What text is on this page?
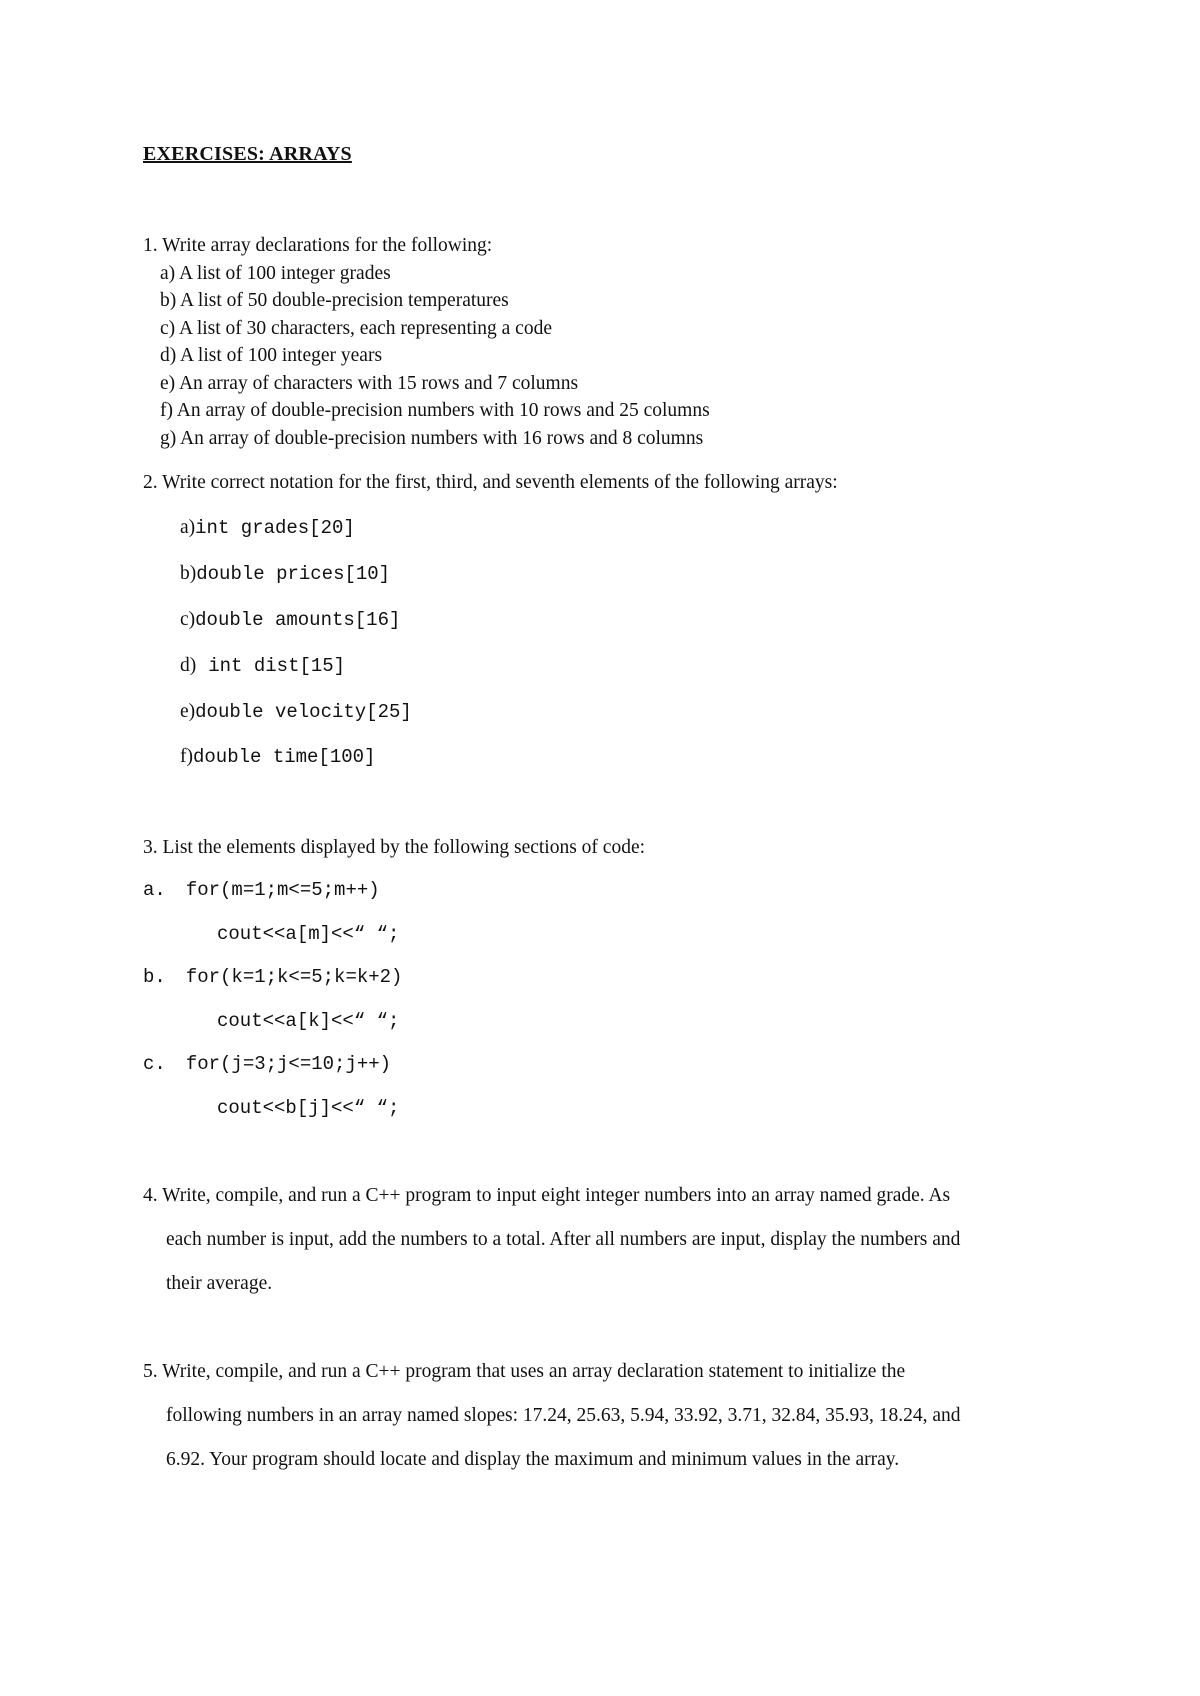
EXERCISES: ARRAYS
1. Write array declarations for the following:
a) A list of 100 integer grades
b) A list of 50 double-precision temperatures
c) A list of 30 characters, each representing a code
d) A list of 100 integer years
e) An array of characters with 15 rows and 7 columns
f) An array of double-precision numbers with 10 rows and 25 columns
g) An array of double-precision numbers with 16 rows and 8 columns
2. Write correct notation for the first, third, and seventh elements of the following arrays:
a)int grades[20]
b)double prices[10]
c)double amounts[16]
d) int dist[15]
e)double velocity[25]
f)double time[100]
3. List the elements displayed by the following sections of code:
a. for(m=1;m<=5;m++)
cout<<a[m]<<“ “;
b. for(k=1;k<=5;k=k+2)
cout<<a[k]<<“ “;
c. for(j=3;j<=10;j++)
cout<<b[j]<<“ “;
4. Write, compile, and run a C++ program to input eight integer numbers into an array named grade. As
each number is input, add the numbers to a total. After all numbers are input, display the numbers and
their average.
5. Write, compile, and run a C++ program that uses an array declaration statement to initialize the
following numbers in an array named slopes: 17.24, 25.63, 5.94, 33.92, 3.71, 32.84, 35.93, 18.24, and
6.92. Your program should locate and display the maximum and minimum values in the array.
